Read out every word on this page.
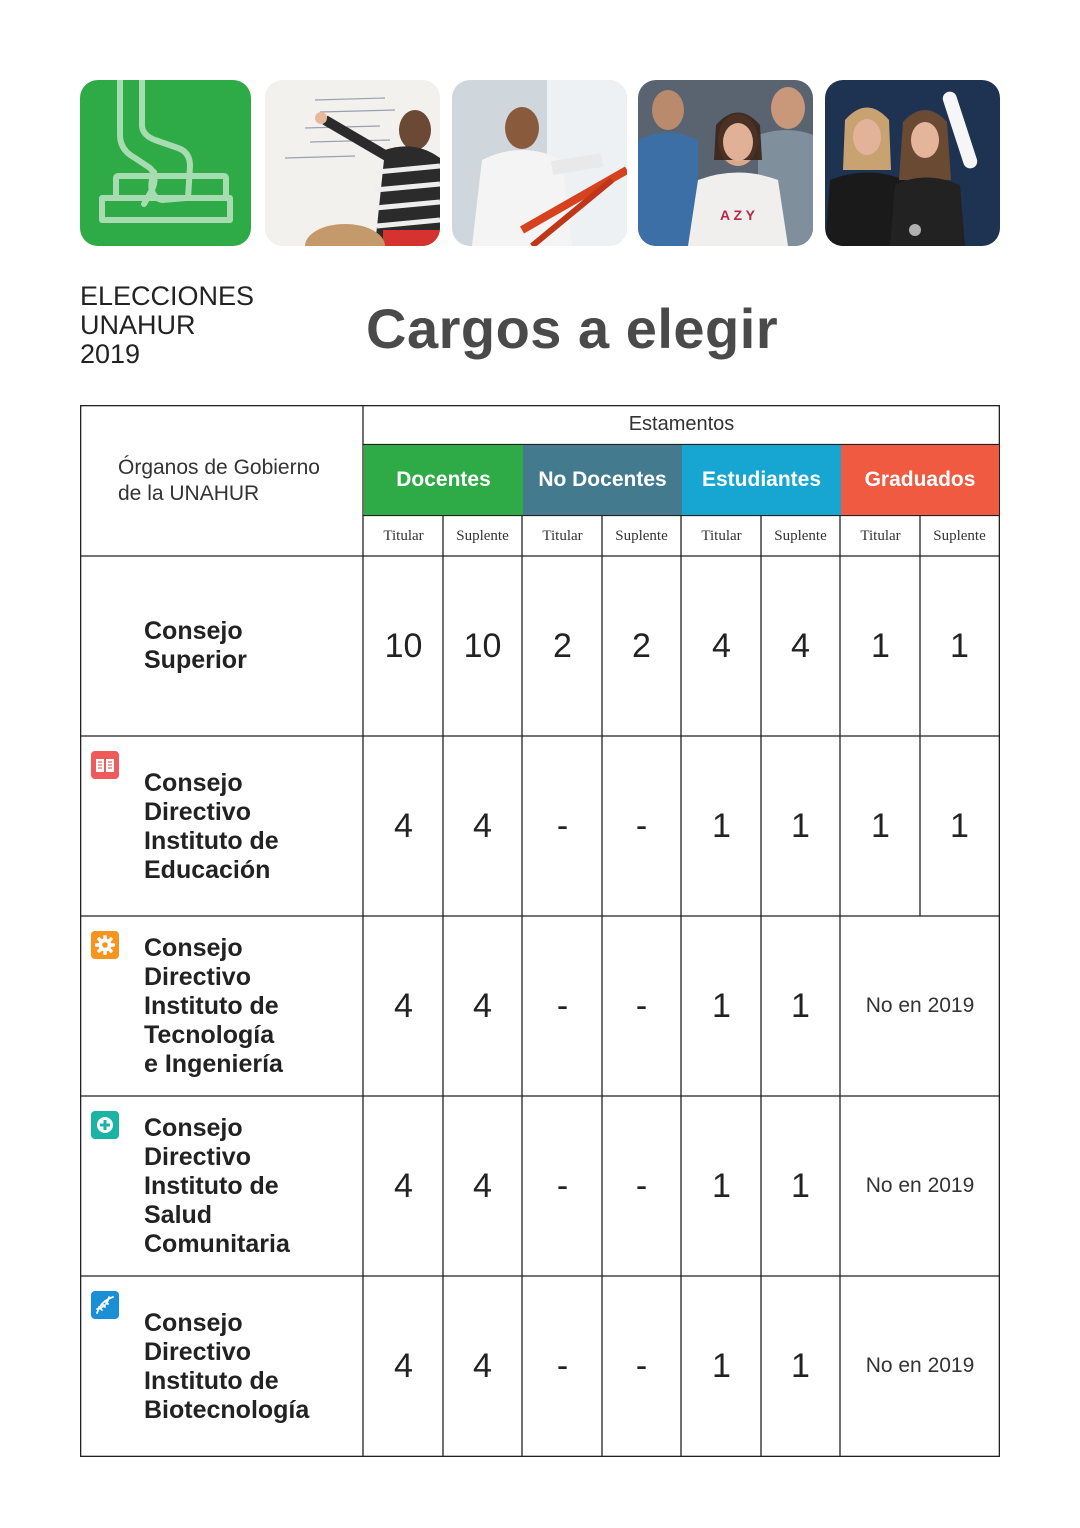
A Z Y
ELECCIONES
UNAHUR
2019	Cargos a elegir
Órganos de Gobierno
de la UNAHUR
Estamentos
Docentes	No Docentes	Estudiantes	Graduados
Titular	Suplente	Titular	Suplente	Titular	Suplente	Titular	Suplente
Consejo
Superior	10	10	2	2	4	4	1	1
Consejo
Directivo
Instituto de
Educación
4	4	-	-	1	1	1	1
Consejo
Directivo
Instituto de
Tecnología
e Ingeniería
4	4	-	-	1	1	No en 2019
Consejo
Directivo
Instituto de
Salud
Comunitaria
4	4	-	-	1	1	No en 2019
Consejo
Directivo
Instituto de
Biotecnología
4	4	-	-	1	1	No en 2019
